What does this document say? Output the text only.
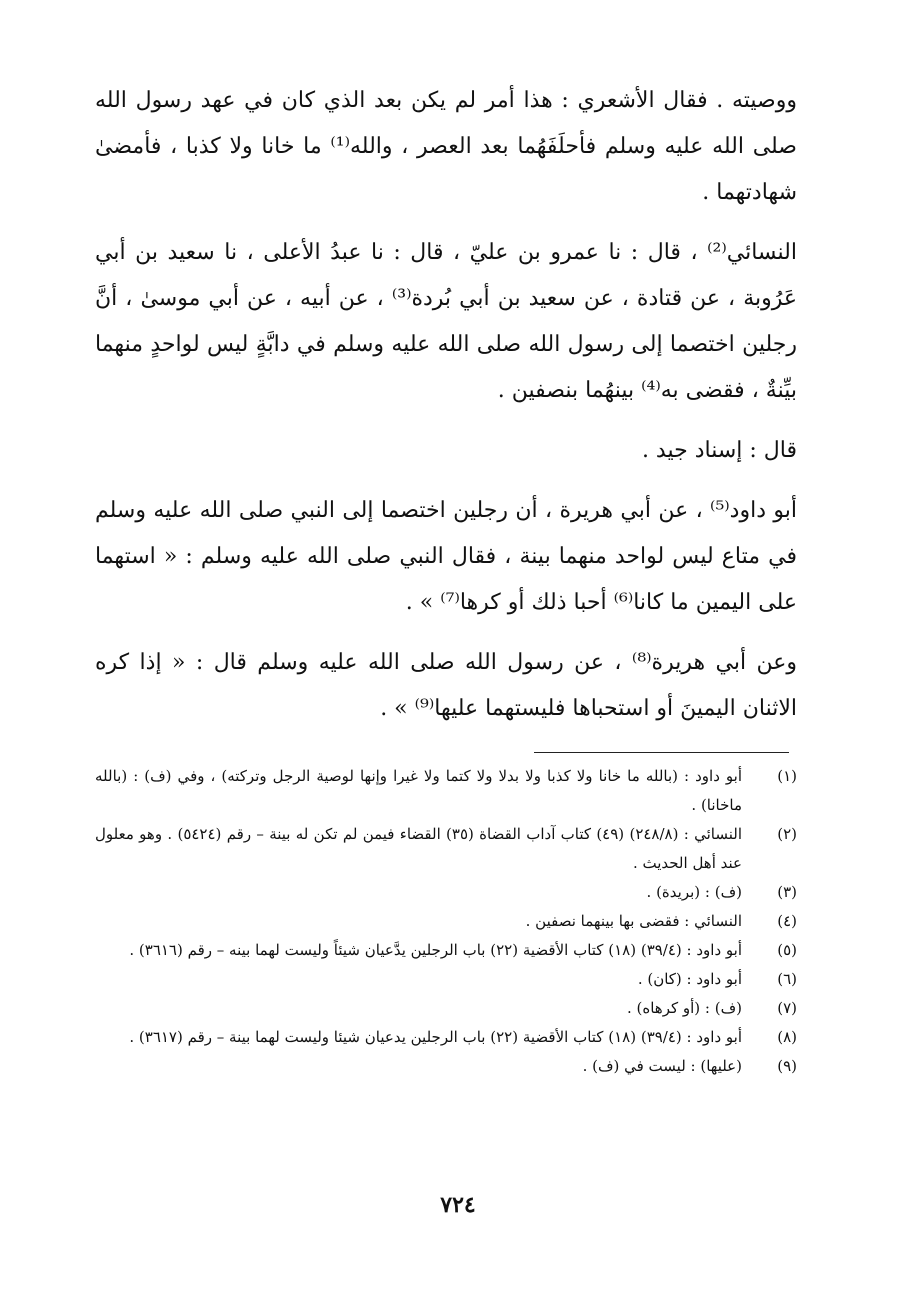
ووصيته . فقال الأشعري : هذا أمر لم يكن بعد الذي كان في عهد رسول الله صلى الله عليه وسلم فأحلَفَهُما بعد العصر ، والله⁽¹⁾ ما خانا ولا كذبا ، فأمضىٰ شهادتهما .

النسائي⁽²⁾ ، قال : نا عمرو بن عليّ ، قال : نا عبدُ الأعلى ، نا سعيد بن أبي عَرُوبة ، عن قتادة ، عن سعيد بن أبي بُردة⁽³⁾ ، عن أبيه ، عن أبي موسىٰ ، أنَّ رجلين اختصما إلى رسول الله صلى الله عليه وسلم في دابَّةٍ ليس لواحدٍ منهما بيِّنةٌ ، فقضى به⁽⁴⁾ بينهُما بنصفين .

قال : إسناد جيد .

أبو داود⁽⁵⁾ ، عن أبي هريرة ، أن رجلين اختصما إلى النبي صلى الله عليه وسلم في متاع ليس لواحد منهما بينة ، فقال النبي صلى الله عليه وسلم : « استهما على اليمين ما كانا⁽⁶⁾ أحبا ذلك أو كرها⁽⁷⁾ » .

وعن أبي هريرة⁽⁸⁾ ، عن رسول الله صلى الله عليه وسلم قال : « إذا كره الاثنان اليمينَ أو استحباها فليستهما عليها⁽⁹⁾ » .

(١)
أبو داود : (بالله ما خانا ولا كذبا ولا بدلا ولا كتما ولا غيرا وإنها لوصية الرجل وتركته) ، وفي (ف) : (بالله ماخانا) .
(٢)
النسائي : (٢٤٨/٨) (٤٩) كتاب آداب القضاة (٣٥) القضاء فيمن لم تكن له بينة – رقم (٥٤٢٤) . وهو معلول عند أهل الحديث .
(٣)
(ف) : (بريدة) .
(٤)
النسائي : فقضى بها بينهما نصفين .
(٥)
أبو داود : (٣٩/٤) (١٨) كتاب الأقضية (٢٢) باب الرجلين يدَّعيان شيئاً وليست لهما بينه – رقم (٣٦١٦) .
(٦)
أبو داود : (كان) .
(٧)
(ف) : (أو كرهاه) .
(٨)
أبو داود : (٣٩/٤) (١٨) كتاب الأقضية (٢٢) باب الرجلين يدعيان شيئا وليست لهما بينة – رقم (٣٦١٧) .
(٩)
(عليها) : ليست في (ف) .
٧٢٤
